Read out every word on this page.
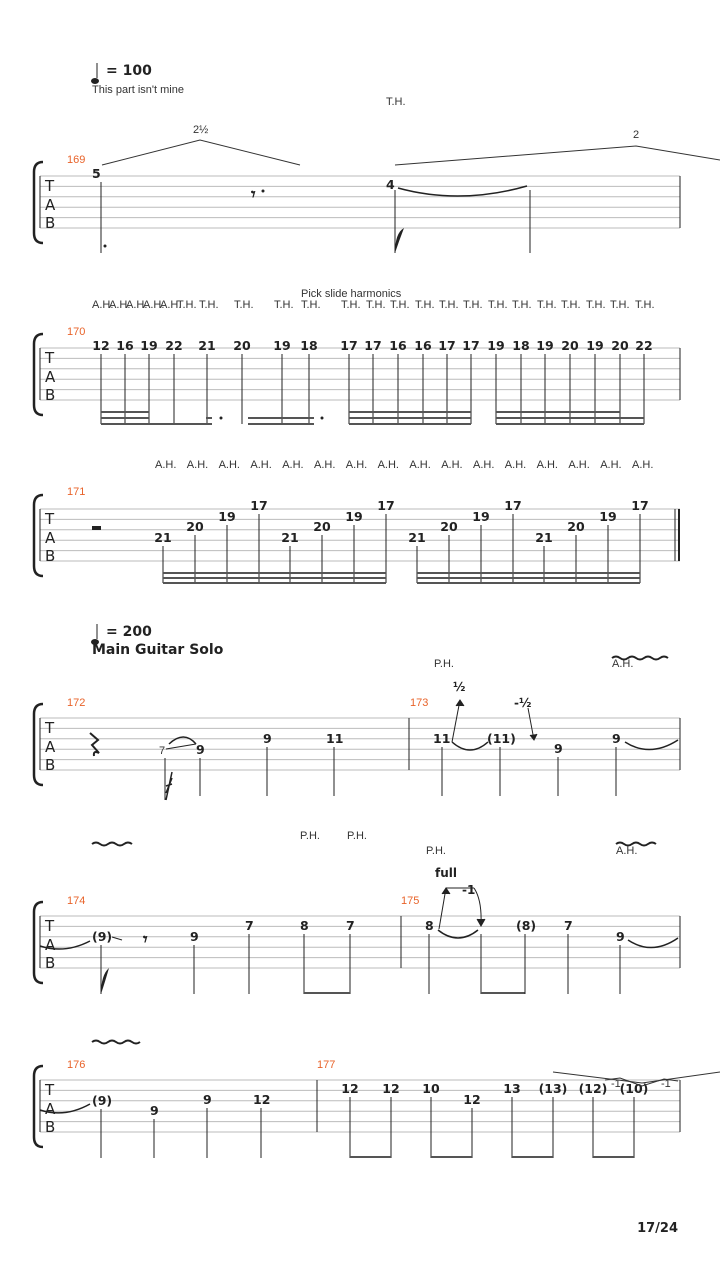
= 100
This part isn't mine
T
A
B
169
T.H.
2½	2
5
𝄾
4
T
A
B
170
Pick slide harmonics
A.H.
A.H.
A.H.
A.H.
A.H.
T.H. T.H. T.H. T.H. T.H. T.H. T.H. T.H. T.H. T.H. T.H. T.H. T.H. T.H. T.H. T.H. T.H. T.H.
12 16 19 22 21 20 19 18 17 17 16 16 17 17 19 18 19 20 19 20 22
T
A
B
171
A.H. A.H. A.H. A.H. A.H. A.H. A.H. A.H. A.H. A.H. A.H. A.H. A.H. A.H. A.H. A.H.
21
20
19
17
21
20
19
17
21
20
19
17
21
20
19
17
= 200
Main Guitar Solo
T
A
B
172	173
P.H.	A.H.
½
-½
7 9
9	11	11	(11)
9
9
T
A
B
174	175
P.H. P.H.
P.H.	A.H.
full
-1
(9) 𝄾	9
7	8	7	8	(8) 7
9
T
A
B
176	177
(9)
9
9	12
12 12 10
12
13 (13) (12) (10)
-1	-1
17/24
